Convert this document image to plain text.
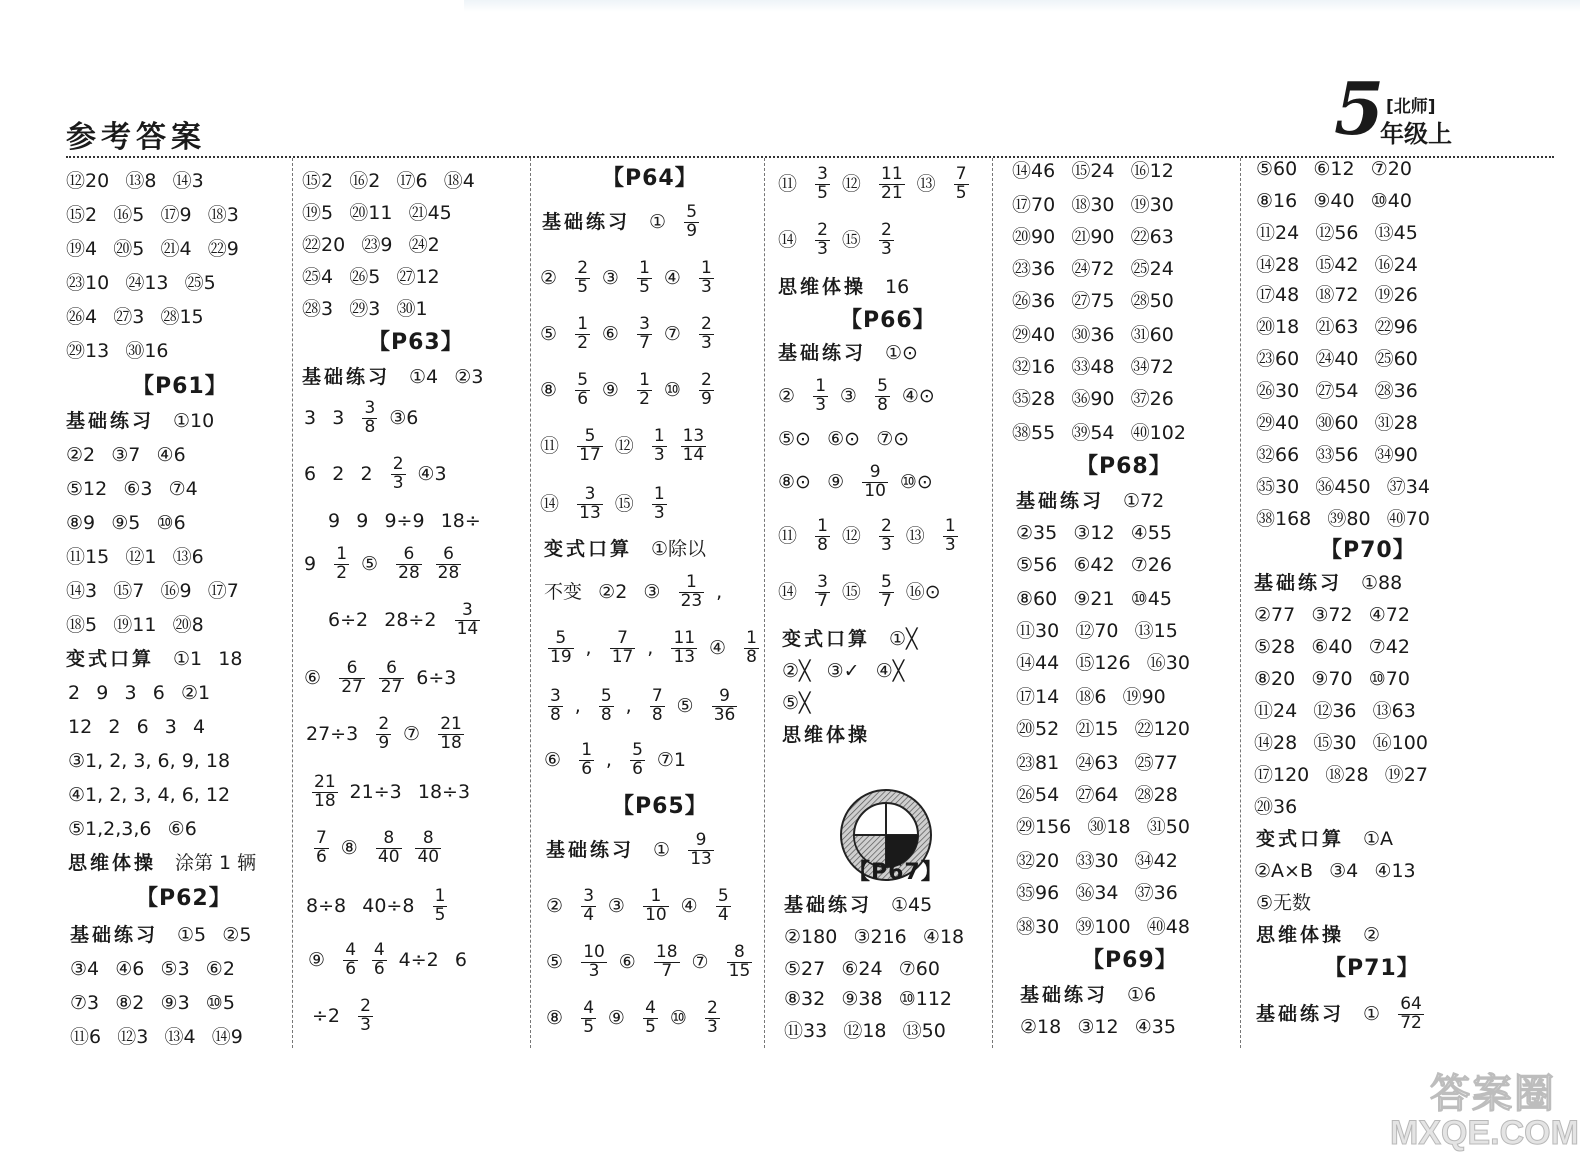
参考答案	5 [北师]
年级上
答案圈
MXQE.COM
⑫20 ⑬8 ⑭3
⑮2 ⑯5 ⑰9 ⑱3
⑲4 ⑳5 ㉑4 ㉒9
㉓10 ㉔13 ㉕5
㉖4 ㉗3 ㉘15
㉙13 ㉚16
【P61】
基础练习 ①10
②2 ③7 ④6
⑤12 ⑥3 ⑦4
⑧9 ⑨5 ⑩6
⑪15 ⑫1 ⑬6
⑭3 ⑮7 ⑯9 ⑰7
⑱5 ⑲11 ⑳8
变式口算 ①1 18
2 9 3 6 ②1
12 2 6 3 4
③1, 2, 3, 6, 9, 18
④1, 2, 3, 4, 6, 12
⑤1,2,3,6 ⑥6
思维体操 涂第 1 辆
【P62】
基础练习 ①5 ②5
③4 ④6 ⑤3 ⑥2
⑦3 ⑧2 ⑨3 ⑩5
⑪6 ⑫3 ⑬4 ⑭9
⑮2 ⑯2 ⑰6 ⑱4
⑲5 ⑳11 ㉑45
㉒20 ㉓9 ㉔2
㉕4 ㉖5 ㉗12
㉘3 ㉙3 ㉚1
【P63】
基础练习 ①4 ②3
3 $3 \frac{3}{8}$ ③6
6 2 $2 \frac{2}{3}$ ④3
9 9 9÷9 18÷
$9 \frac{1}{2}$ ⑤ $\frac{6}{28} \frac{6}{28}$
6÷2 $28\div 2 \frac{3}{14}$
⑥ $\frac{6}{27} \frac{6}{27} 6\div 3$
$27\div 3 \frac{2}{9}$ ⑦ $\frac{21}{18}$
$\frac{21}{18} 21\div 3$ 18÷3
$\frac{7}{6}$ ⑧ $\frac{8}{40} \frac{8}{40}$
8÷8 $40\div 8 \frac{1}{5}$
⑨ $\frac{4}{6} \frac{4}{6} 4\div 2$ 6
$\div 2 \frac{2}{3}$
【P64】
基础练习 ① $\frac{5}{9}$
② $\frac{2}{5}$ ③ $\frac{1}{5}$ ④ $\frac{1}{3}$
⑤ $\frac{1}{2}$ ⑥ $\frac{3}{7}$ ⑦ $\frac{2}{3}$
⑧ $\frac{5}{6}$ ⑨ $\frac{1}{2}$ ⑩ $\frac{2}{9}$
⑪ $\frac{5}{17}$ ⑫ $\frac{1}{3} \frac{13}{14}$
⑭ $\frac{3}{13}$ ⑮ $\frac{1}{3}$
变式口算 ①除以
不变 ②2 ③ $\frac{1}{23}$ ,
$\frac{5}{19}$ , $\frac{7}{17}$ , $\frac{11}{13}$ ④ $\frac{1}{8}$
$\frac{3}{8}$ , $\frac{5}{8}$ , $\frac{7}{8}$ ⑤ $\frac{9}{36}$
⑥ $\frac{1}{6}$ , $\frac{5}{6}$ ⑦1
【P65】
基础练习 ① $\frac{9}{13}$
② $\frac{3}{4}$ ③ $\frac{1}{10}$ ④ $\frac{5}{4}$
⑤ $\frac{10}{3}$ ⑥ $\frac{18}{7}$ ⑦ $\frac{8}{15}$
⑧ $\frac{4}{5}$ ⑨ $\frac{4}{5}$ ⑩ $\frac{2}{3}$
⑪ $\frac{3}{5}$ ⑫ $\frac{11}{21}$ ⑬ $\frac{7}{5}$
⑭ $\frac{2}{3}$ ⑮ $\frac{2}{3}$
思维体操 16
【P66】
基础练习 ①⊙
② $\frac{1}{3}$ ③ $\frac{5}{8}$ ④⊙
⑤⊙ ⑥⊙ ⑦⊙
⑧⊙ ⑨ $\frac{9}{10}$ ⑩⊙
⑪ $\frac{1}{8}$ ⑫ $\frac{2}{3}$ ⑬ $\frac{1}{3}$
⑭ $\frac{3}{7}$ ⑮ $\frac{5}{7}$ ⑯⊙
变式口算 ①╳
②╳ ③✓ ④╳
⑤╳
思维体操
【P67】
基础练习 ①45
②180 ③216 ④18
⑤27 ⑥24 ⑦60
⑧32 ⑨38 ⑩112
⑪33 ⑫18 ⑬50
⑭46 ⑮24 ⑯12
⑰70 ⑱30 ⑲30
⑳90 ㉑90 ㉒63
㉓36 ㉔72 ㉕24
㉖36 ㉗75 ㉘50
㉙40 ㉚36 ㉛60
㉜16 ㉝48 ㉞72
㉟28 ㊱90 ㊲26
㊳55 ㊴54 ㊵102
【P68】
基础练习 ①72
②35 ③12 ④55
⑤56 ⑥42 ⑦26
⑧60 ⑨21 ⑩45
⑪30 ⑫70 ⑬15
⑭44 ⑮126 ⑯30
⑰14 ⑱6 ⑲90
⑳52 ㉑15 ㉒120
㉓81 ㉔63 ㉕77
㉖54 ㉗64 ㉘28
㉙156 ㉚18 ㉛50
㉜20 ㉝30 ㉞42
㉟96 ㊱34 ㊲36
㊳30 ㊴100 ㊵48
【P69】
基础练习 ①6
②18 ③12 ④35
⑤60 ⑥12 ⑦20
⑧16 ⑨40 ⑩40
⑪24 ⑫56 ⑬45
⑭28 ⑮42 ⑯24
⑰48 ⑱72 ⑲26
⑳18 ㉑63 ㉒96
㉓60 ㉔40 ㉕60
㉖30 ㉗54 ㉘36
㉙40 ㉚60 ㉛28
㉜66 ㉝56 ㉞90
㉟30 ㊱450 ㊲34
㊳168 ㊴80 ㊵70
【P70】
基础练习 ①88
②77 ③72 ④72
⑤28 ⑥40 ⑦42
⑧20 ⑨70 ⑩70
⑪24 ⑫36 ⑬63
⑭28 ⑮30 ⑯100
⑰120 ⑱28 ⑲27
⑳36
变式口算 ①A
②A×B ③4 ④13
⑤无数
思维体操 ②
【P71】
基础练习 ① $\frac{64}{72}$
